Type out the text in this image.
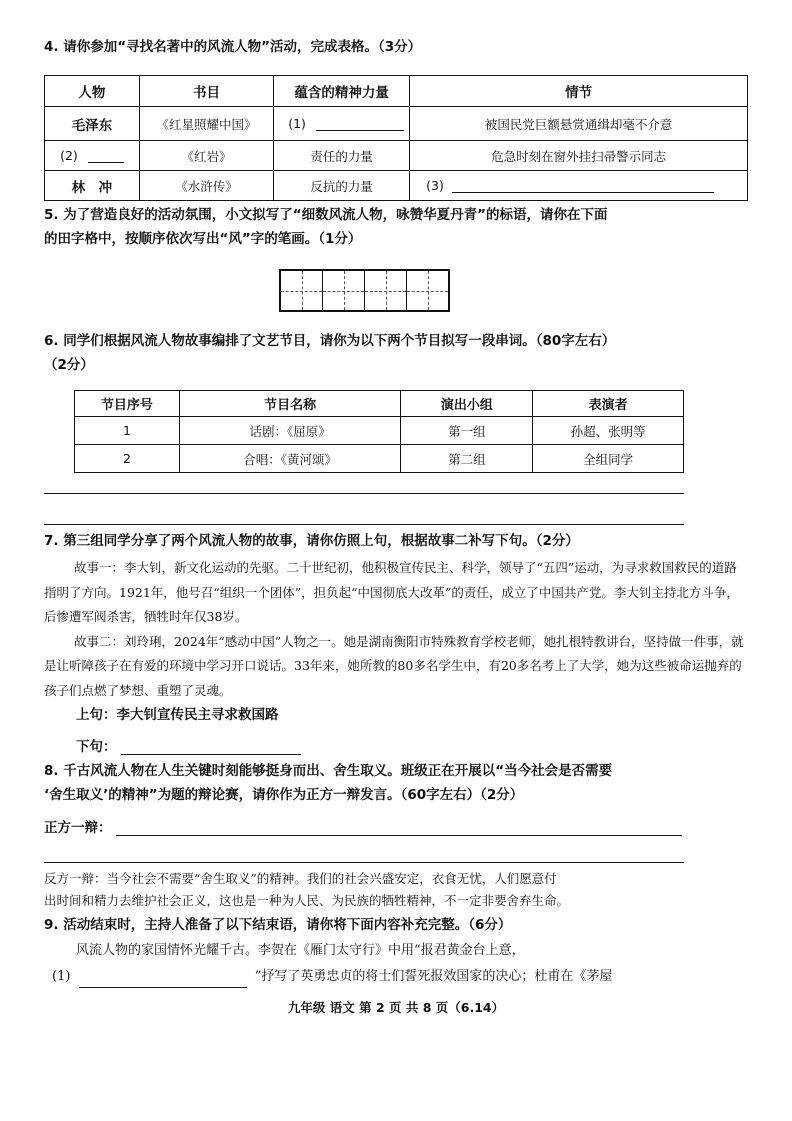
4. 请你参加“寻找名著中的风流人物”活动，完成表格。（3分）
人物	书目	蕴含的精神力量	情节
毛泽东	《红星照耀中国》	(1)	被国民党巨额悬赏通缉却毫不介意
(2)	《红岩》	责任的力量	危急时刻在窗外挂扫帚警示同志
林　冲	《水浒传》	反抗的力量	(3)
5. 为了营造良好的活动氛围，小文拟写了“细数风流人物，咏赞华夏丹青”的标语，请你在下面
的田字格中，按顺序依次写出“风”字的笔画。（1分）
6. 同学们根据风流人物故事编排了文艺节目，请你为以下两个节目拟写一段串词。（80字左右）
（2分）
节目序号	节目名称	演出小组	表演者
1	话剧：《屈原》	第一组	孙超、张明等
2	合唱：《黄河颂》	第二组	全组同学
7. 第三组同学分享了两个风流人物的故事，请你仿照上句，根据故事二补写下句。（2分）

故事一：李大钊，新文化运动的先驱。二十世纪初，他积极宣传民主、科学，领导了“五四”运动，为寻求救国救民的道路指明了方向。1921年，他号召“组织一个团体”，担负起“中国彻底大改革”的责任，成立了中国共产党。李大钊主持北方斗争，后惨遭军阀杀害，牺牲时年仅38岁。

故事二：刘玲琍，2024年“感动中国”人物之一。她是湖南衡阳市特殊教育学校老师，她扎根特教讲台，坚持做一件事，就是让听障孩子在有爱的环境中学习开口说话。33年来，她所教的80多名学生中，有20多名考上了大学，她为这些被命运抛弃的孩子们点燃了梦想、重塑了灵魂。

上句：李大钊宣传民主寻求救国路
下句：
8. 千古风流人物在人生关键时刻能够挺身而出、舍生取义。班级正在开展以“当今社会是否需要
‘舍生取义’的精神”为题的辩论赛，请你作为正方一辩发言。（60字左右）（2分）
正方一辩：
反方一辩：当今社会不需要“舍生取义”的精神。我们的社会兴盛安定，衣食无忧，人们愿意付
出时间和精力去维护社会正义，这也是一种为人民、为民族的牺牲精神，不一定非要舍弃生命。
9. 活动结束时，主持人准备了以下结束语，请你将下面内容补充完整。（6分）
风流人物的家国情怀光耀千古。李贺在《雁门太守行》中用“报君黄金台上意，
(1)	”抒写了英勇忠贞的将士们誓死报效国家的决心；杜甫在《茅屋
九年级 语文 第 2 页 共 8 页（6.14）
